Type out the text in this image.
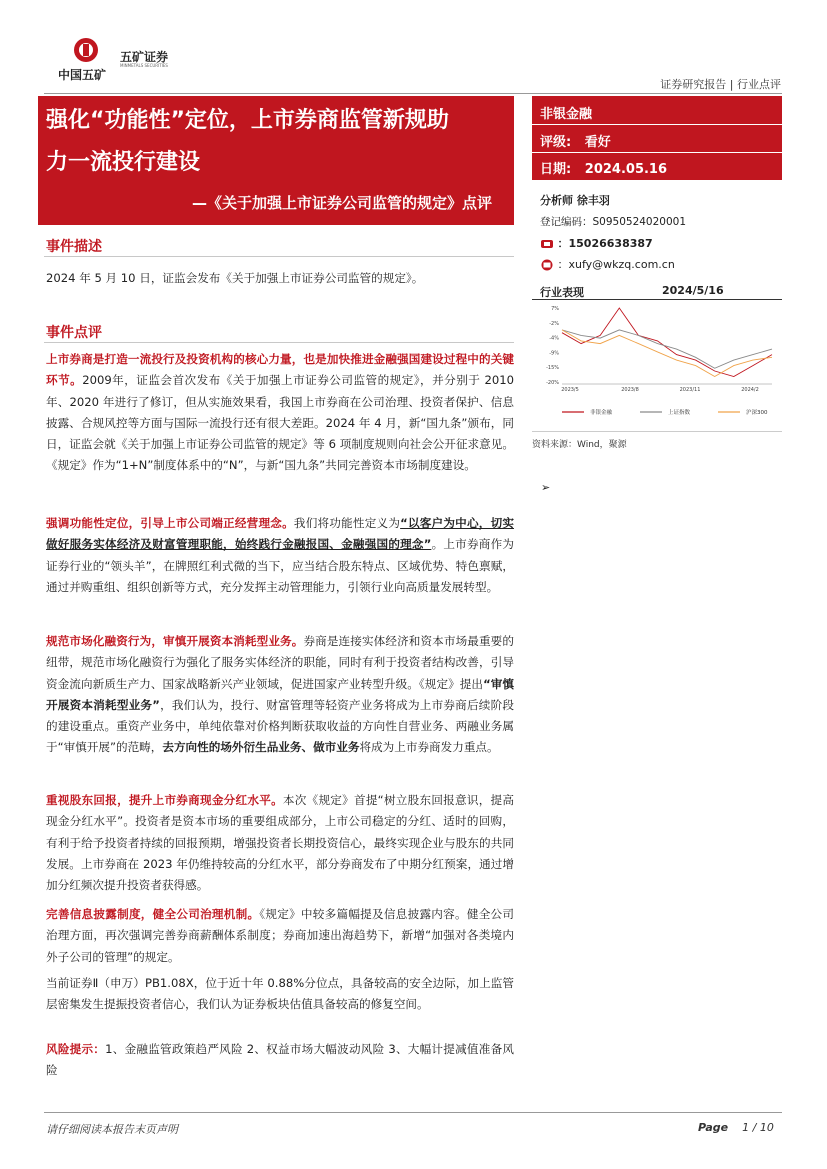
中国五矿
五矿证券
MINMETALS SECURITIES
证券研究报告 | 行业点评
强化“功能性”定位，上市券商监管新规助
力一流投行建设
—《关于加强上市证券公司监管的规定》点评
非银金融
评级: 看好
日期: 2024.05.16
分析师 徐丰羽
登记编码：S0950524020001
：15026638387
：xufy@wkzq.com.cn
行业表现	2024/5/16
7%
-2%
-4%
-9%
-15%
-20%
2023/5	2023/8	2023/11	2024/2
非银金融	上证指数	沪深300
资料来源：Wind，聚源
➢
事件描述
2024 年 5 月 10 日，证监会发布《关于加强上市证券公司监管的规定》。
事件点评
上市券商是打造一流投行及投资机构的核心力量，也是加快推进金融强国建设过程中的关键环节。2009年，证监会首次发布《关于加强上市证券公司监管的规定》，并分别于 2010年、2020 年进行了修订，但从实施效果看，我国上市券商在公司治理、投资者保护、信息披露、合规风控等方面与国际一流投行还有很大差距。2024 年 4 月，新“国九条”颁布，同日，证监会就《关于加强上市证券公司监管的规定》等 6 项制度规则向社会公开征求意见。《规定》作为“1+N”制度体系中的“N”，与新“国九条”共同完善资本市场制度建设。
强调功能性定位，引导上市公司端正经营理念。我们将功能性定义为“以客户为中心，切实做好服务实体经济及财富管理职能，始终践行金融报国、金融强国的理念”。上市券商作为证券行业的“领头羊”，在牌照红利式微的当下，应当结合股东特点、区域优势、特色禀赋，通过并购重组、组织创新等方式，充分发挥主动管理能力，引领行业向高质量发展转型。
规范市场化融资行为，审慎开展资本消耗型业务。券商是连接实体经济和资本市场最重要的纽带，规范市场化融资行为强化了服务实体经济的职能，同时有利于投资者结构改善，引导资金流向新质生产力、国家战略新兴产业领域，促进国家产业转型升级。《规定》提出“审慎开展资本消耗型业务”，我们认为，投行、财富管理等轻资产业务将成为上市券商后续阶段的建设重点。重资产业务中，单纯依靠对价格判断获取收益的方向性自营业务、两融业务属于“审慎开展”的范畴，去方向性的场外衍生品业务、做市业务将成为上市券商发力重点。
重视股东回报，提升上市券商现金分红水平。本次《规定》首提“树立股东回报意识，提高现金分红水平”。投资者是资本市场的重要组成部分，上市公司稳定的分红、适时的回购，有利于给予投资者持续的回报预期，增强投资者长期投资信心，最终实现企业与股东的共同发展。上市券商在 2023 年仍维持较高的分红水平，部分券商发布了中期分红预案，通过增加分红频次提升投资者获得感。
完善信息披露制度，健全公司治理机制。《规定》中较多篇幅提及信息披露内容。健全公司治理方面，再次强调完善券商薪酬体系制度；券商加速出海趋势下，新增“加强对各类境内外子公司的管理”的规定。
当前证券Ⅱ（申万）PB1.08X，位于近十年 0.88%分位点，具备较高的安全边际，加上监管层密集发生提振投资者信心，我们认为证券板块估值具备较高的修复空间。
风险提示：1、金融监管政策趋严风险 2、权益市场大幅波动风险 3、大幅计提减值准备风险
请仔细阅读本报告末页声明	Page 1 / 10
